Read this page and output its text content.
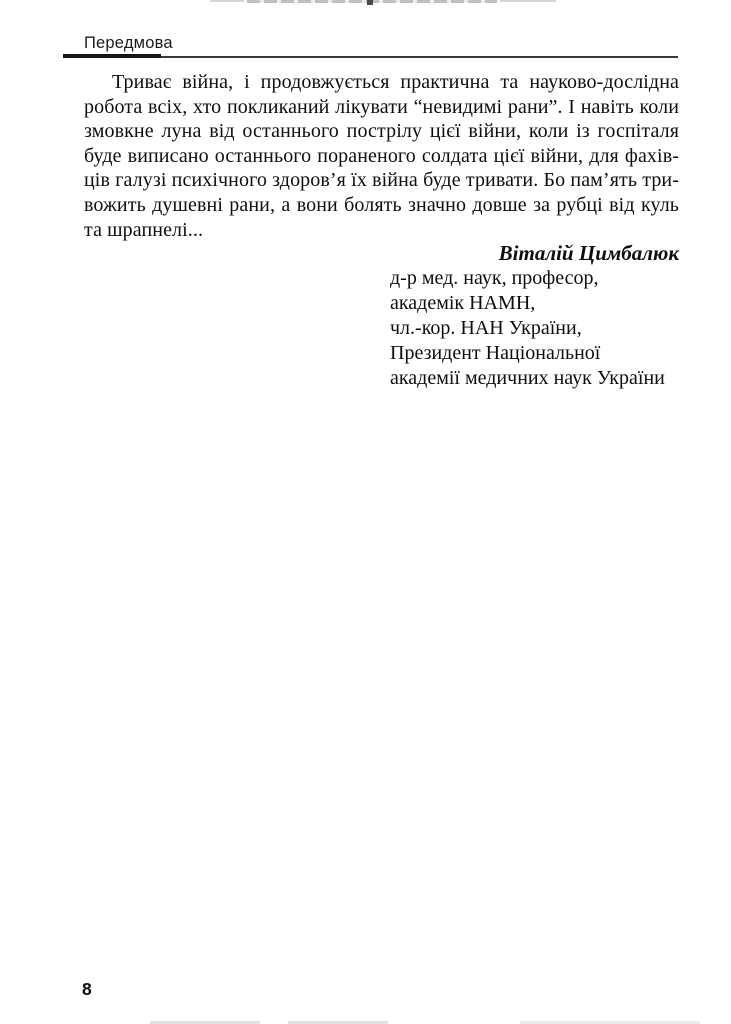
Передмова
Триває війна, і продовжується практична та науково-дослідна
робота всіх, хто покликаний лікувати “невидимі рани”. І навіть коли
змовкне луна від останнього пострілу цієї війни, коли із госпіталя
буде виписано останнього пораненого солдата цієї війни, для фахів-
ців галузі психічного здоров’я їх війна буде тривати. Бо пам’ять три-
вожить душевні рани, а вони болять значно довше за рубці від куль
та шрапнелі...
Віталій Цимбалюк
д-р мед. наук, професор,
академік НАМН,
чл.-кор. НАН України,
Президент Національної
академії медичних наук України
8
